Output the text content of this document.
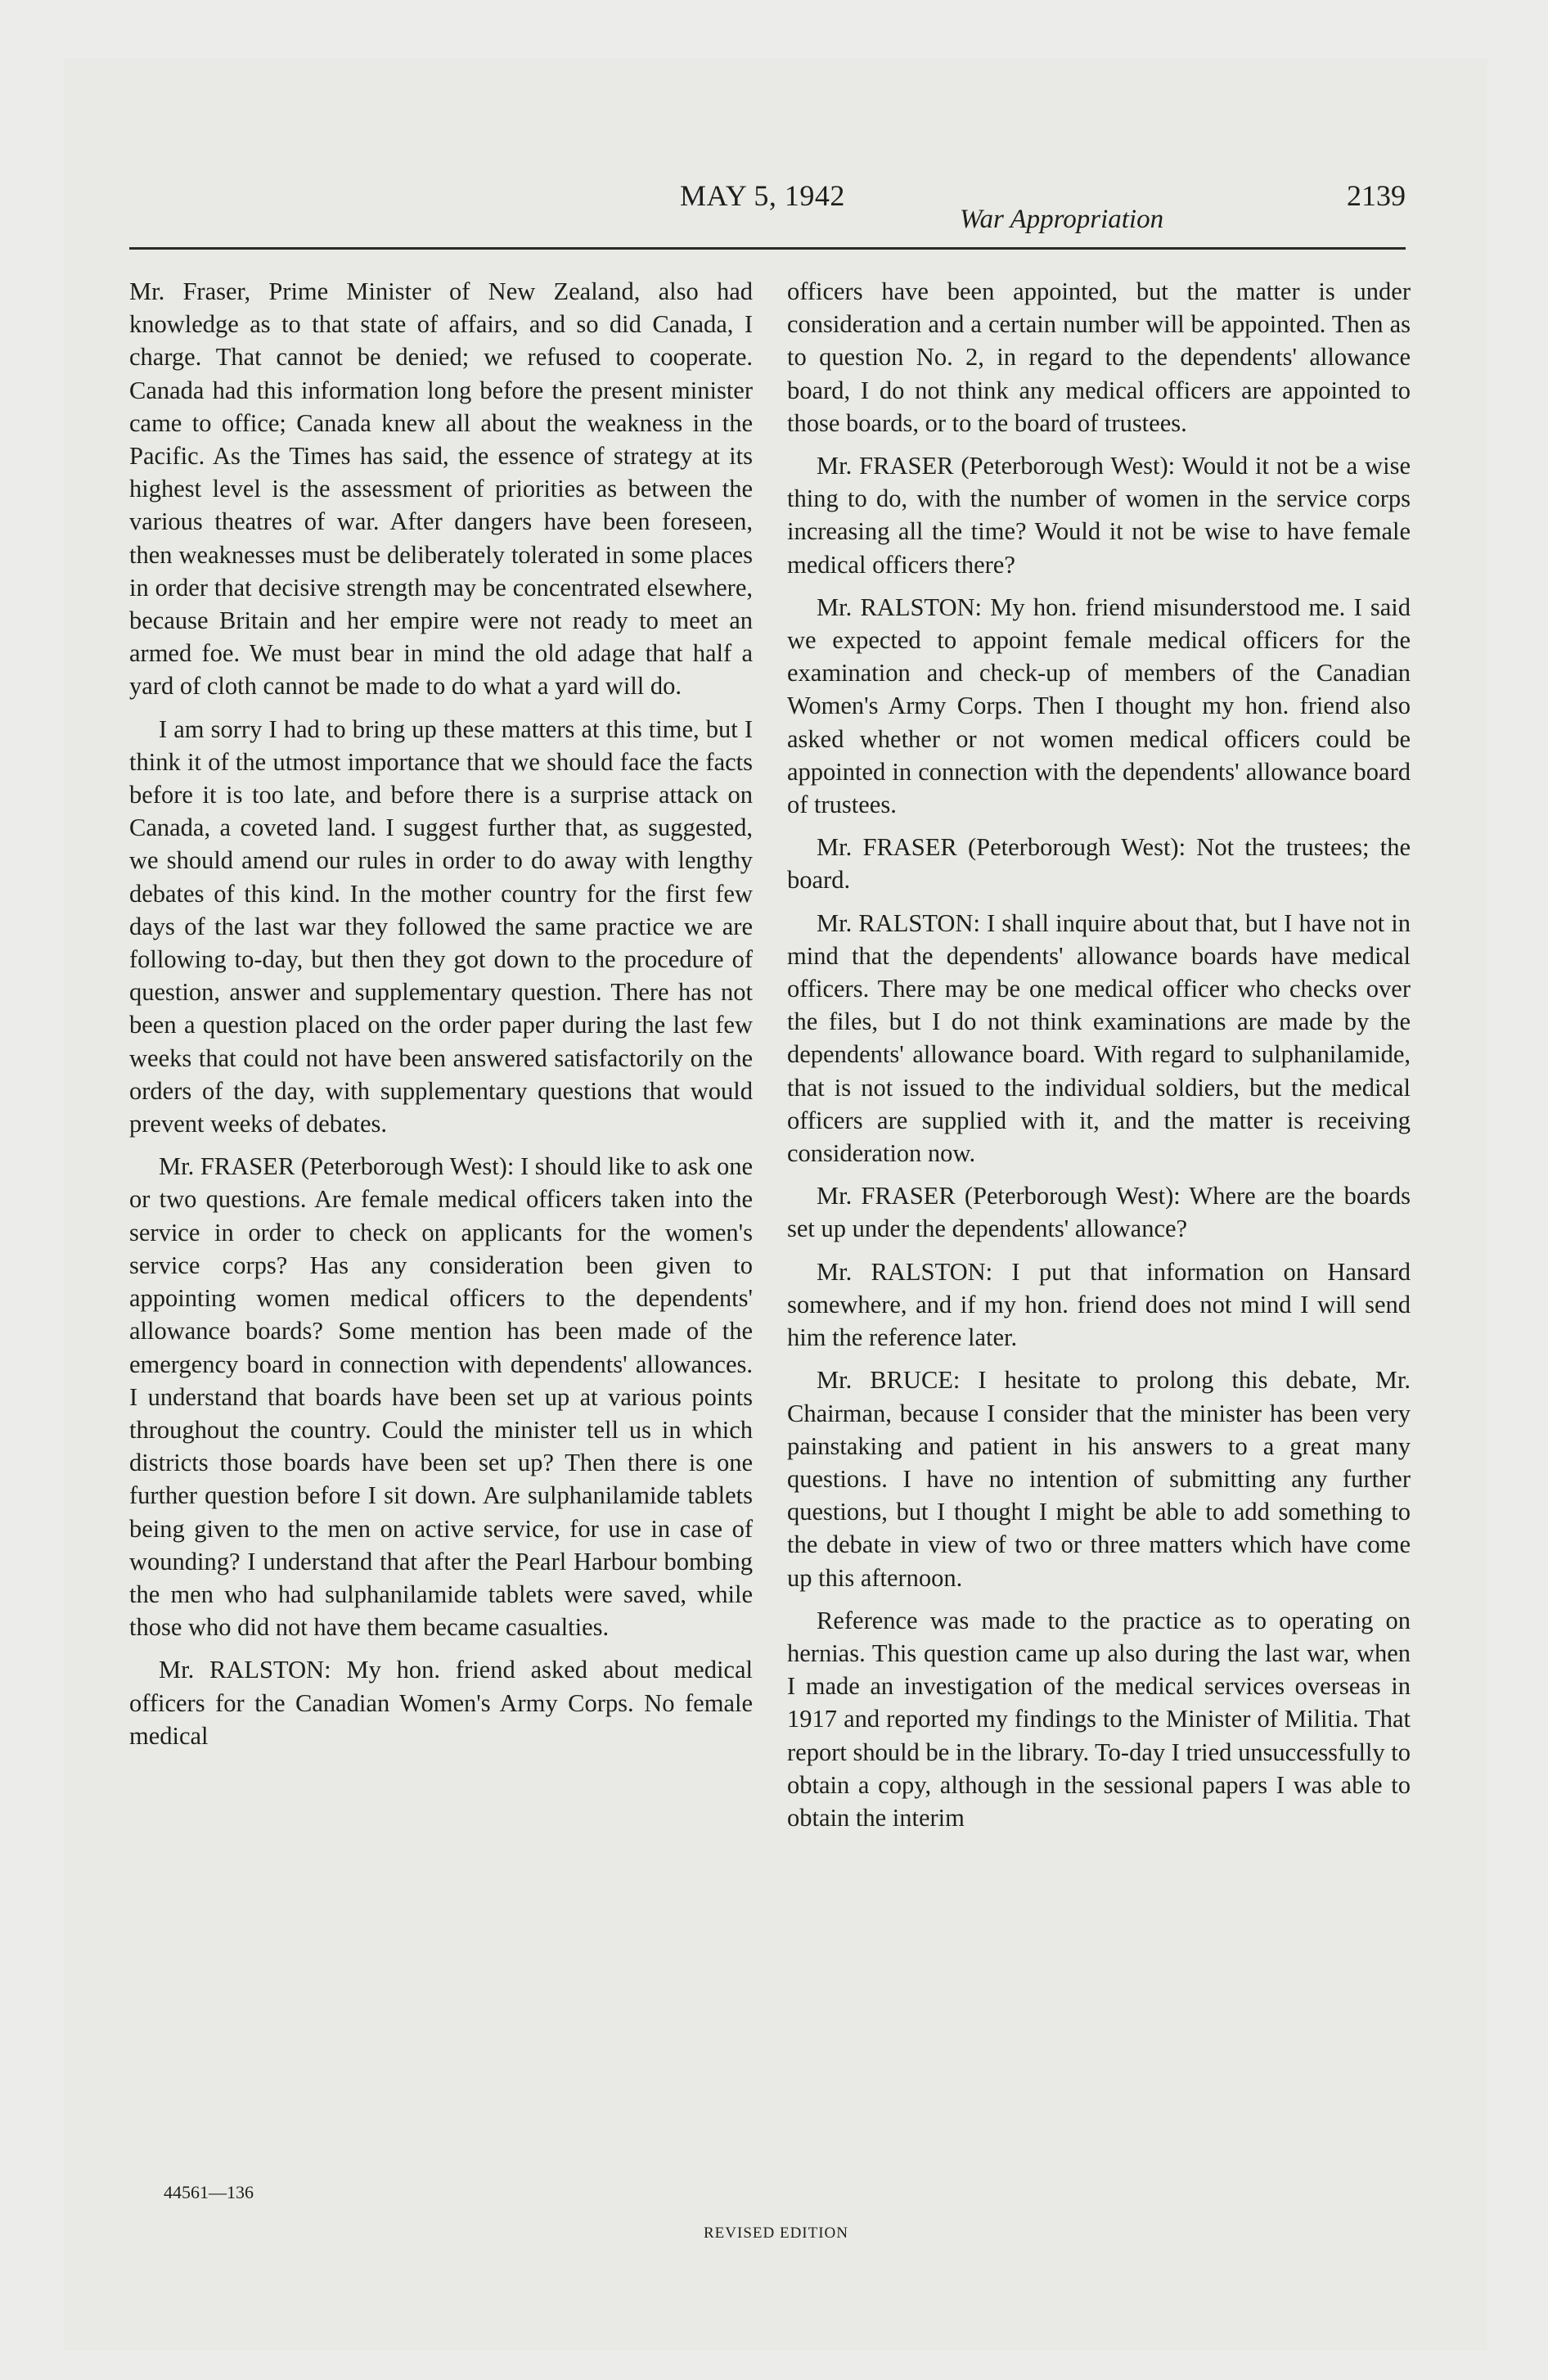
MAY 5, 1942
War Appropriation
2139

Mr. Fraser, Prime Minister of New Zealand, also had knowledge as to that state of affairs, and so did Canada, I charge. That cannot be denied; we refused to cooperate. Canada had this information long before the present minister came to office; Canada knew all about the weakness in the Pacific. As the Times has said, the essence of strategy at its highest level is the assessment of priorities as between the various theatres of war. After dangers have been foreseen, then weaknesses must be deliberately tolerated in some places in order that decisive strength may be concentrated elsewhere, because Britain and her empire were not ready to meet an armed foe. We must bear in mind the old adage that half a yard of cloth cannot be made to do what a yard will do.

I am sorry I had to bring up these matters at this time, but I think it of the utmost importance that we should face the facts before it is too late, and before there is a surprise attack on Canada, a coveted land. I suggest further that, as suggested, we should amend our rules in order to do away with lengthy debates of this kind. In the mother country for the first few days of the last war they followed the same practice we are following to-day, but then they got down to the procedure of question, answer and supplementary question. There has not been a question placed on the order paper during the last few weeks that could not have been answered satisfactorily on the orders of the day, with supplementary questions that would prevent weeks of debates.

Mr. FRASER (Peterborough West): I should like to ask one or two questions. Are female medical officers taken into the service in order to check on applicants for the women's service corps? Has any consideration been given to appointing women medical officers to the dependents' allowance boards? Some mention has been made of the emergency board in connection with dependents' allowances. I understand that boards have been set up at various points throughout the country. Could the minister tell us in which districts those boards have been set up? Then there is one further question before I sit down. Are sulphanilamide tablets being given to the men on active service, for use in case of wounding? I understand that after the Pearl Harbour bombing the men who had sulphanilamide tablets were saved, while those who did not have them became casualties.

Mr. RALSTON: My hon. friend asked about medical officers for the Canadian Women's Army Corps. No female medical

officers have been appointed, but the matter is under consideration and a certain number will be appointed. Then as to question No. 2, in regard to the dependents' allowance board, I do not think any medical officers are appointed to those boards, or to the board of trustees.

Mr. FRASER (Peterborough West): Would it not be a wise thing to do, with the number of women in the service corps increasing all the time? Would it not be wise to have female medical officers there?

Mr. RALSTON: My hon. friend misunderstood me. I said we expected to appoint female medical officers for the examination and check-up of members of the Canadian Women's Army Corps. Then I thought my hon. friend also asked whether or not women medical officers could be appointed in connection with the dependents' allowance board of trustees.

Mr. FRASER (Peterborough West): Not the trustees; the board.

Mr. RALSTON: I shall inquire about that, but I have not in mind that the dependents' allowance boards have medical officers. There may be one medical officer who checks over the files, but I do not think examinations are made by the dependents' allowance board. With regard to sulphanilamide, that is not issued to the individual soldiers, but the medical officers are supplied with it, and the matter is receiving consideration now.

Mr. FRASER (Peterborough West): Where are the boards set up under the dependents' allowance?

Mr. RALSTON: I put that information on Hansard somewhere, and if my hon. friend does not mind I will send him the reference later.

Mr. BRUCE: I hesitate to prolong this debate, Mr. Chairman, because I consider that the minister has been very painstaking and patient in his answers to a great many questions. I have no intention of submitting any further questions, but I thought I might be able to add something to the debate in view of two or three matters which have come up this afternoon.

Reference was made to the practice as to operating on hernias. This question came up also during the last war, when I made an investigation of the medical services overseas in 1917 and reported my findings to the Minister of Militia. That report should be in the library. To-day I tried unsuccessfully to obtain a copy, although in the sessional papers I was able to obtain the interim

44561—136
REVISED EDITION
